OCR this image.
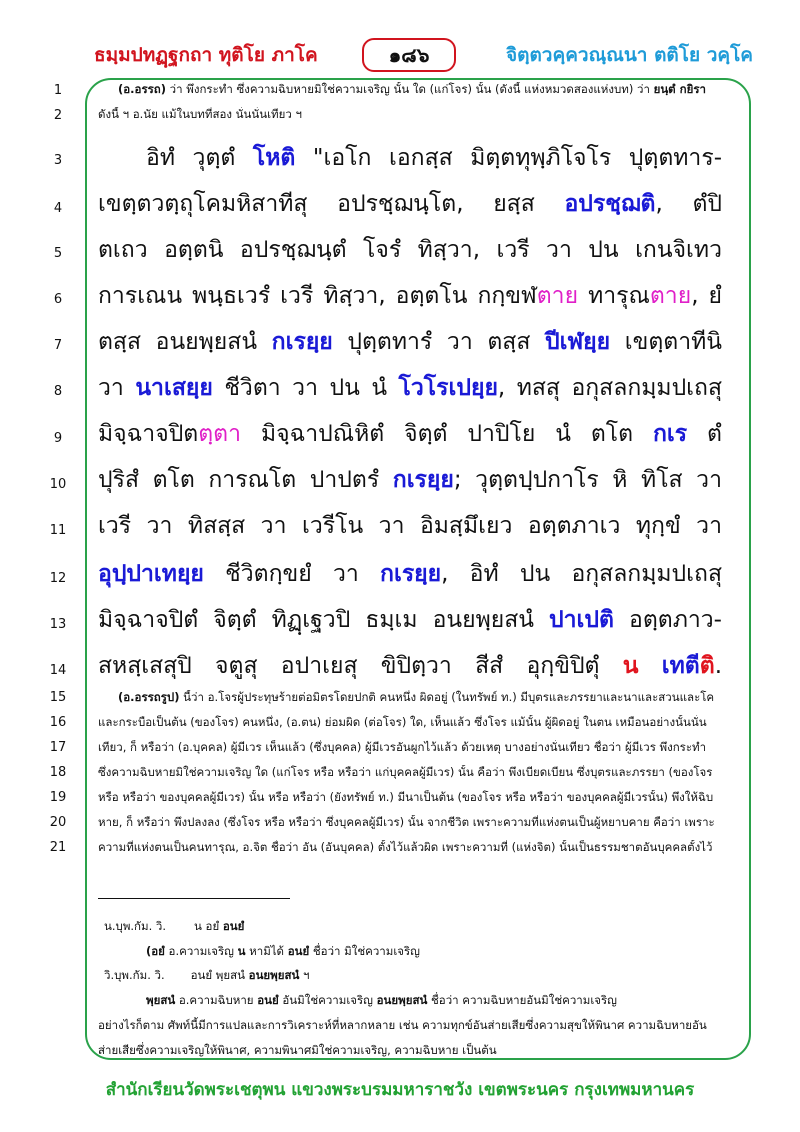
ธมฺมปทฏฺฐกถา ทุติโย ภาโค	๑๘๖	จิตฺตวคฺควณฺณนา ตติโย วคฺโค
1
2
3
4
5
6
7
8
9
10
11
12
13
14
15
16
17
18
19
20
21
(อ.อรรถ) ว่า พึงกระทำ ซึ่งความฉิบหายมิใช่ความเจริญ นั้น ใด (แก่โจร) นั้น (ดังนี้ แห่งหมวดสองแห่งบท) ว่า ยนฺตํ กยิรา
ดังนี้ ฯ อ.นัย แม้ในบทที่สอง นั่นนั่นเทียว ฯ
อิทํ วุตฺตํ โหติ "เอโก เอกสฺส มิตฺตทุพฺภิโจโร ปุตฺตทาร-
เขตฺตวตฺถุโคมหิสาทีสุ อปรชฺฌนฺโต, ยสฺส อปรชฺฌติ, ตํปิ
ตเถว อตฺตนิ อปรชฺฌนฺตํ โจรํ ทิสฺวา, เวรี วา ปน เกนจิเทว
การเณน พนฺธเวรํ เวรี ทิสฺวา, อตฺตโน กกฺขฬตาย ทารุณตาย, ยํ
ตสฺส อนยพฺยสนํ กเรยฺย ปุตฺตทารํ วา ตสฺส ปีเฬยฺย เขตฺตาทีนิ
วา นาเสยฺย ชีวิตา วา ปน นํ โวโรเปยฺย, ทสสุ อกุสลกมฺมปเถสุ
มิจฺฉาจปิตตฺตา มิจฺฉาปณิหิตํ จิตฺตํ ปาปิโย นํ ตโต กเร ตํ
ปุริสํ ตโต การณโต ปาปตรํ กเรยฺย; วุตฺตปฺปกาโร หิ ทิโส วา
เวรี วา ทิสสฺส วา เวรีโน วา อิมสฺมึเยว อตฺตภาเว ทุกฺขํ วา
อุปฺปาเทยฺย ชีวิตกฺขยํ วา กเรยฺย, อิทํ ปน อกุสลกมฺมปเถสุ
มิจฺฉาจปิตํ จิตฺตํ ทิฏฺเฐวปิ ธมฺเม อนยพฺยสนํ ปาเปติ อตฺตภาว-
สหสฺเสสุปิ จตูสุ อปาเยสุ ขิปิตฺวา สีสํ อุกฺขิปิตุํ น เทตีติ.
(อ.อรรถรูป) นี้ว่า อ.โจรผู้ประทุษร้ายต่อมิตรโดยปกติ คนหนึ่ง ผิดอยู่ (ในทรัพย์ ท.) มีบุตรและภรรยาและนาและสวนและโค
และกระบือเป็นต้น (ของโจร) คนหนึ่ง, (อ.ตน) ย่อมผิด (ต่อโจร) ใด, เห็นแล้ว ซึ่งโจร แม้นั้น ผู้ผิดอยู่ ในตน เหมือนอย่างนั้นนั่น
เทียว, ก็ หรือว่า (อ.บุคคล) ผู้มีเวร เห็นแล้ว (ซึ่งบุคคล) ผู้มีเวรอันผูกไว้แล้ว ด้วยเหตุ บางอย่างนั่นเทียว ชื่อว่า ผู้มีเวร พึงกระทำ
ซึ่งความฉิบหายมิใช่ความเจริญ ใด (แก่โจร หรือ หรือว่า แก่บุคคลผู้มีเวร) นั้น คือว่า พึงเบียดเบียน ซึ่งบุตรและภรรยา (ของโจร
หรือ หรือว่า ของบุคคลผู้มีเวร) นั้น หรือ หรือว่า (ยังทรัพย์ ท.) มีนาเป็นต้น (ของโจร หรือ หรือว่า ของบุคคลผู้มีเวรนั้น) พึงให้ฉิบ
หาย, ก็ หรือว่า พึงปลงลง (ซึ่งโจร หรือ หรือว่า ซึ่งบุคคลผู้มีเวร) นั้น จากชีวิต เพราะความที่แห่งตนเป็นผู้หยาบคาย คือว่า เพราะ
ความที่แห่งตนเป็นคนทารุณ, อ.จิต ชื่อว่า อัน (อันบุคคล) ตั้งไว้แล้วผิด เพราะความที่ (แห่งจิต) นั้นเป็นธรรมชาตอันบุคคลตั้งไว้
น.บุพ.กัม. วิ. น อยํ อนยํ
(อยํ อ.ความเจริญ น หามิได้ อนยํ ชื่อว่า มิใช่ความเจริญ
วิ.บุพ.กัม. วิ. อนยํ พฺยสนํ อนยพฺยสนํ ฯ
พฺยสนํ อ.ความฉิบหาย อนยํ อันมิใช่ความเจริญ อนยพฺยสนํ ชื่อว่า ความฉิบหายอันมิใช่ความเจริญ
อย่างไรก็ตาม ศัพท์นี้มีการแปลและการวิเคราะห์ที่หลากหลาย เช่น ความทุกข์อันส่ายเสียซึ่งความสุขให้พินาศ ความฉิบหายอัน
ส่ายเสียซึ่งความเจริญให้พินาศ, ความพินาศมิใช่ความเจริญ, ความฉิบหาย เป็นต้น
สำนักเรียนวัดพระเชตุพน แขวงพระบรมมหาราชวัง เขตพระนคร กรุงเทพมหานคร
